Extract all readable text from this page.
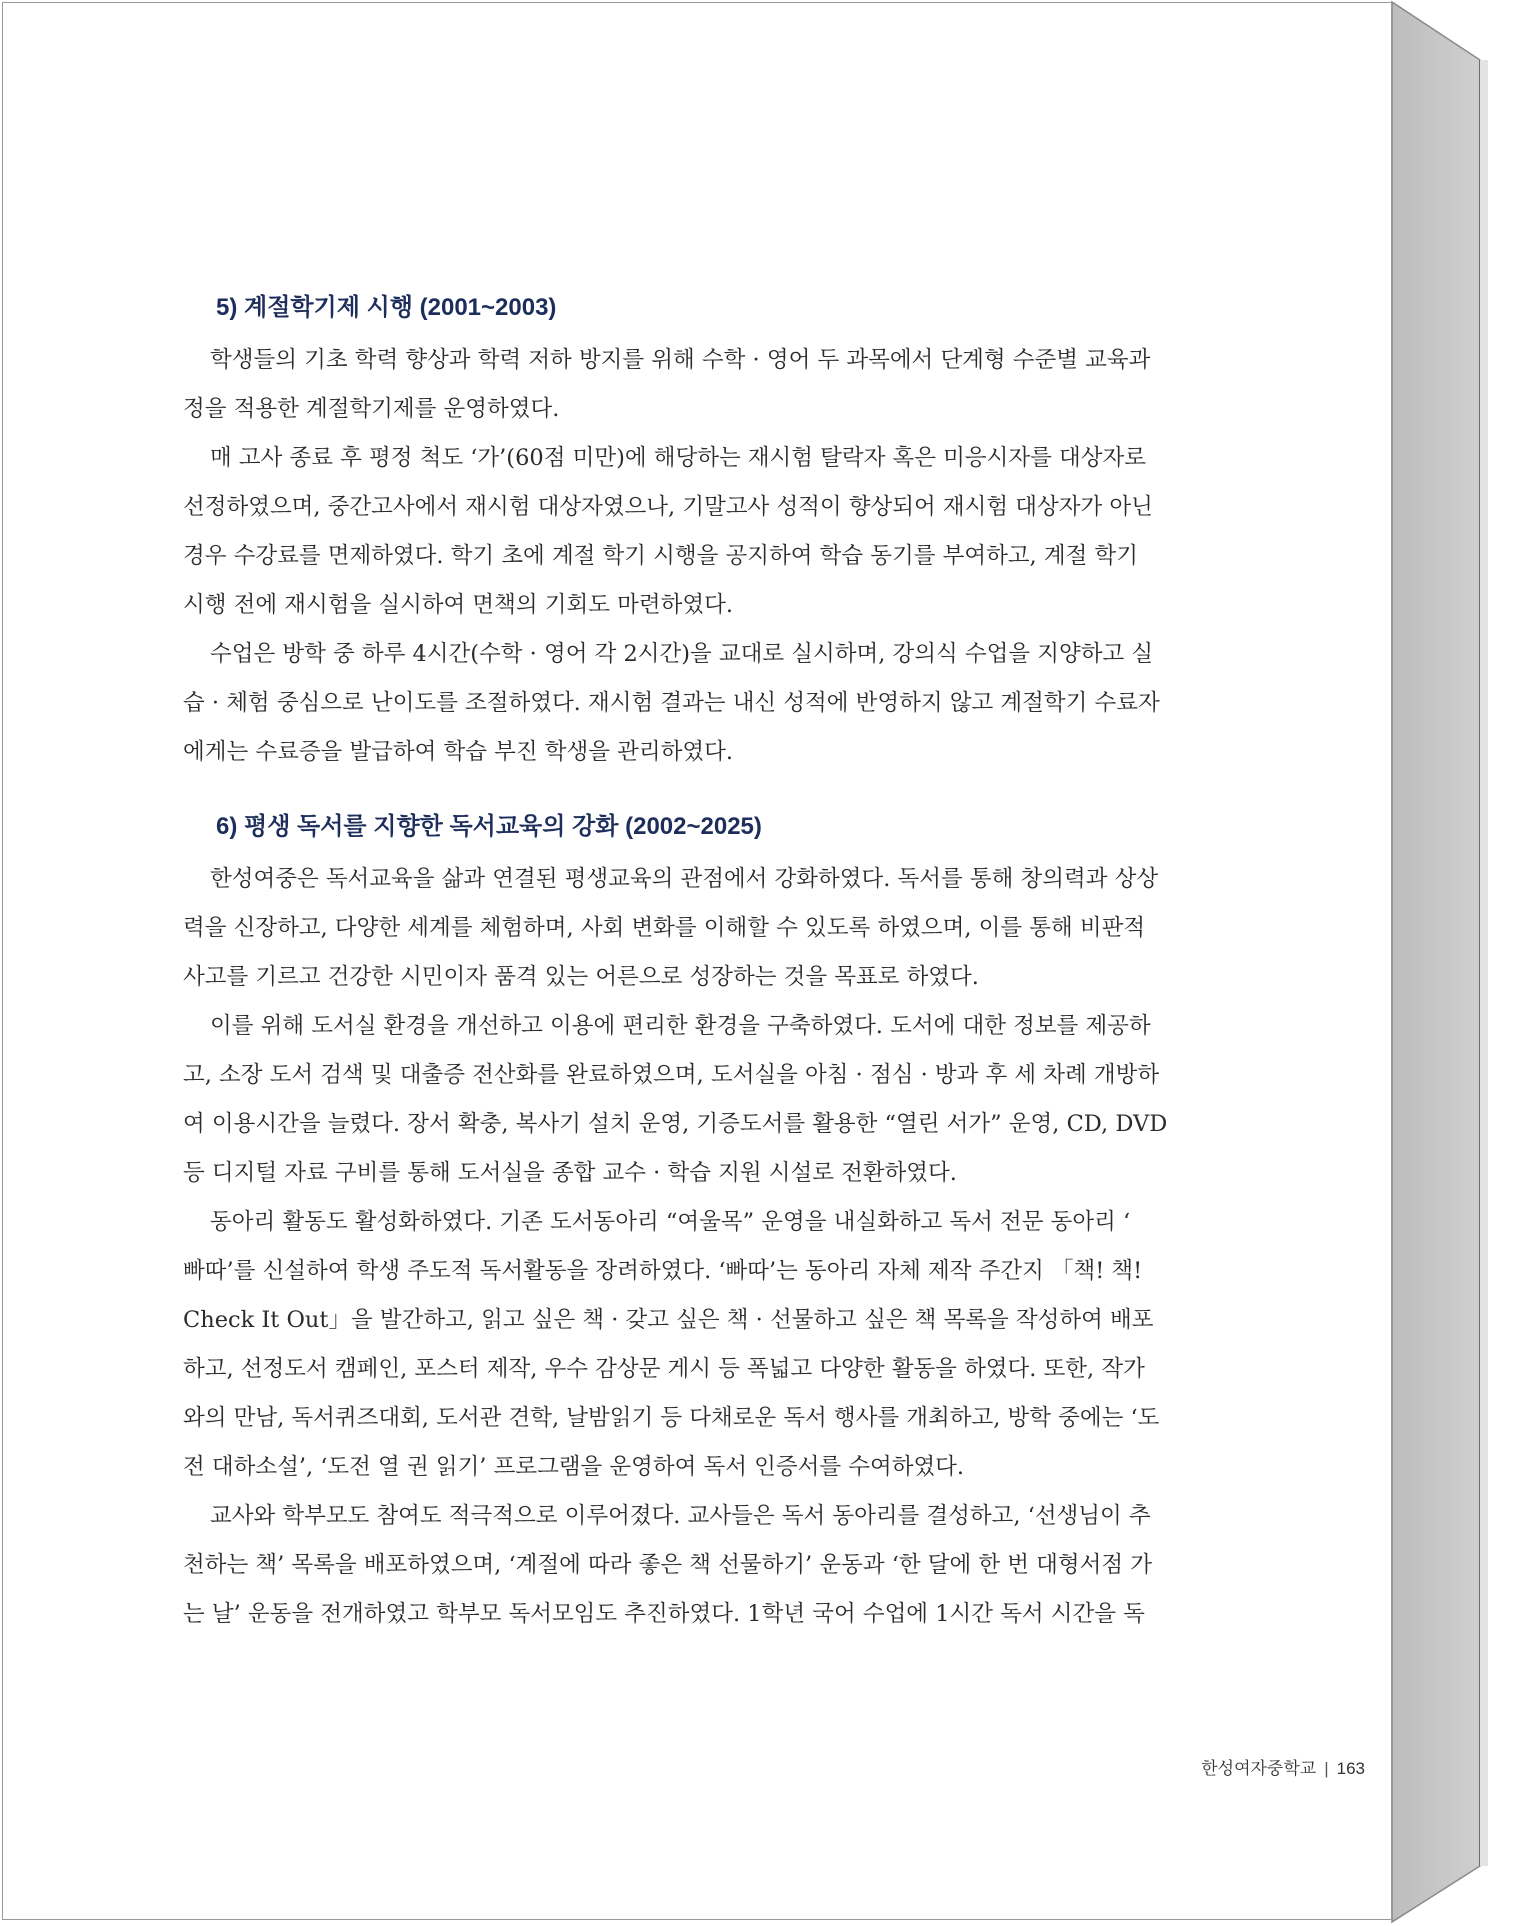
5) 계절학기제 시행 (2001~2003)

학생들의 기초 학력 향상과 학력 저하 방지를 위해 수학 · 영어 두 과목에서 단계형 수준별 교육과
정을 적용한 계절학기제를 운영하였다.

매 고사 종료 후 평정 척도 ‘가’(60점 미만)에 해당하는 재시험 탈락자 혹은 미응시자를 대상자로
선정하였으며, 중간고사에서 재시험 대상자였으나, 기말고사 성적이 향상되어 재시험 대상자가 아닌
경우 수강료를 면제하였다. 학기 초에 계절 학기 시행을 공지하여 학습 동기를 부여하고, 계절 학기
시행 전에 재시험을 실시하여 면책의 기회도 마련하였다.

수업은 방학 중 하루 4시간(수학 · 영어 각 2시간)을 교대로 실시하며, 강의식 수업을 지양하고 실
습 · 체험 중심으로 난이도를 조절하였다. 재시험 결과는 내신 성적에 반영하지 않고 계절학기 수료자
에게는 수료증을 발급하여 학습 부진 학생을 관리하였다.

6) 평생 독서를 지향한 독서교육의 강화 (2002~2025)

한성여중은 독서교육을 삶과 연결된 평생교육의 관점에서 강화하였다. 독서를 통해 창의력과 상상
력을 신장하고, 다양한 세계를 체험하며, 사회 변화를 이해할 수 있도록 하였으며, 이를 통해 비판적
사고를 기르고 건강한 시민이자 품격 있는 어른으로 성장하는 것을 목표로 하였다.

이를 위해 도서실 환경을 개선하고 이용에 편리한 환경을 구축하였다. 도서에 대한 정보를 제공하
고, 소장 도서 검색 및 대출증 전산화를 완료하였으며, 도서실을 아침 · 점심 · 방과 후 세 차례 개방하
여 이용시간을 늘렸다. 장서 확충, 복사기 설치 운영, 기증도서를 활용한 “열린 서가” 운영, CD, DVD
등 디지털 자료 구비를 통해 도서실을 종합 교수 · 학습 지원 시설로 전환하였다.

동아리 활동도 활성화하였다. 기존 도서동아리 “여울목” 운영을 내실화하고 독서 전문 동아리 ‘
빠따’를 신설하여 학생 주도적 독서활동을 장려하였다. ‘빠따’는 동아리 자체 제작 주간지 「책! 책!
Check It Out」을 발간하고, 읽고 싶은 책 · 갖고 싶은 책 · 선물하고 싶은 책 목록을 작성하여 배포
하고, 선정도서 캠페인, 포스터 제작, 우수 감상문 게시 등 폭넓고 다양한 활동을 하였다. 또한, 작가
와의 만남, 독서퀴즈대회, 도서관 견학, 날밤읽기 등 다채로운 독서 행사를 개최하고, 방학 중에는 ‘도
전 대하소설’, ‘도전 열 권 읽기’ 프로그램을 운영하여 독서 인증서를 수여하였다.

교사와 학부모도 참여도 적극적으로 이루어졌다. 교사들은 독서 동아리를 결성하고, ‘선생님이 추
천하는 책’ 목록을 배포하였으며, ‘계절에 따라 좋은 책 선물하기’ 운동과 ‘한 달에 한 번 대형서점 가
는 날’ 운동을 전개하였고 학부모 독서모임도 추진하였다. 1학년 국어 수업에 1시간 독서 시간을 독

한성여자중학교 | 163
